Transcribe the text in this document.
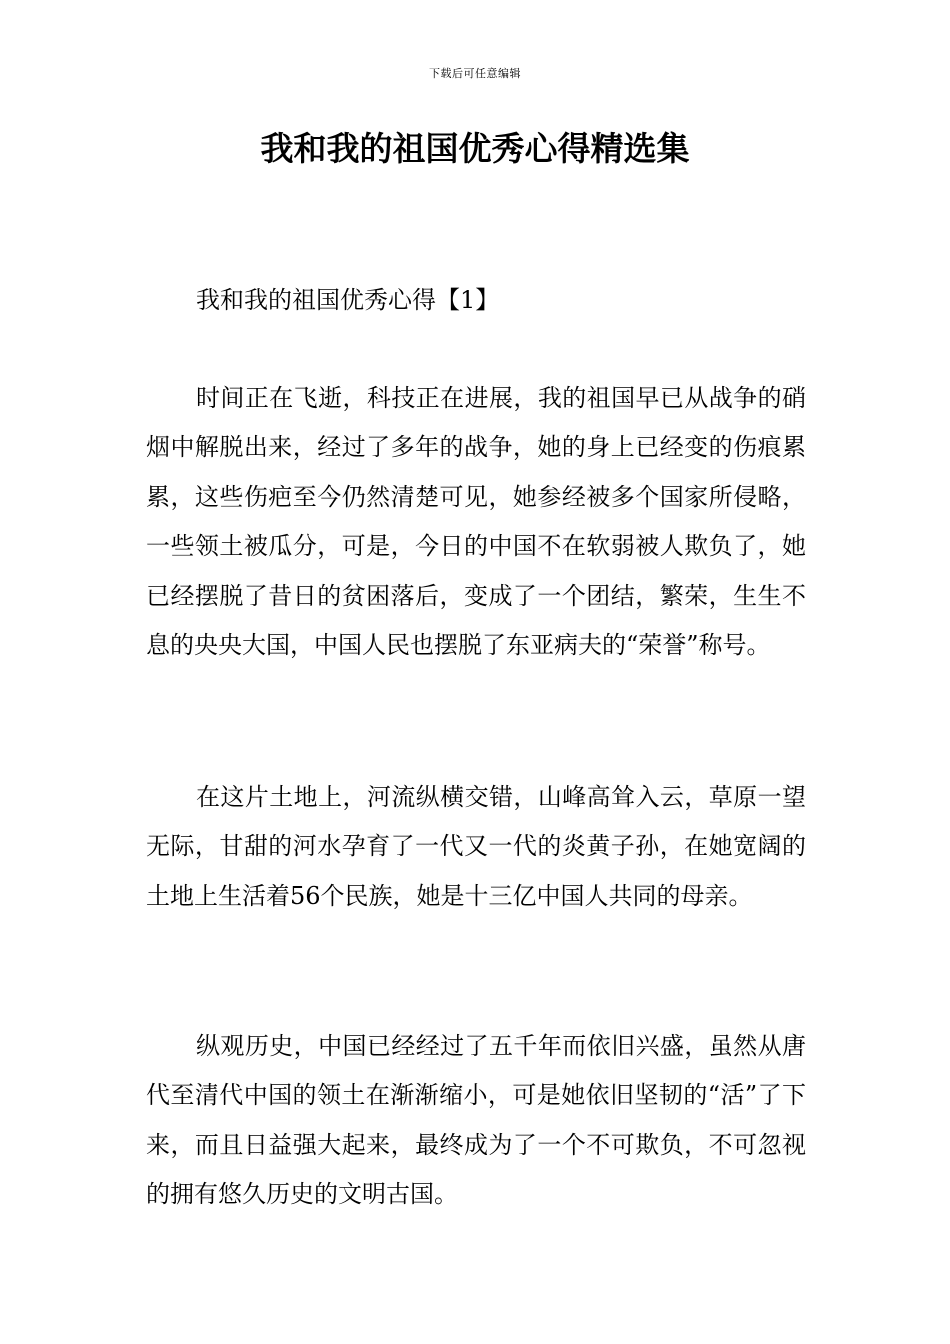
下载后可任意编辑
我和我的祖国优秀心得精选集
我和我的祖国优秀心得【1】

时间正在飞逝，科技正在进展，我的祖国早已从战争的硝烟中解脱出来，经过了多年的战争，她的身上已经变的伤痕累累，这些伤疤至今仍然清楚可见，她参经被多个国家所侵略，一些领土被瓜分，可是，今日的中国不在软弱被人欺负了，她已经摆脱了昔日的贫困落后，变成了一个团结，繁荣，生生不息的央央大国，中国人民也摆脱了东亚病夫的“荣誉”称号。

在这片土地上，河流纵横交错，山峰高耸入云，草原一望无际，甘甜的河水孕育了一代又一代的炎黄子孙，在她宽阔的土地上生活着56个民族，她是十三亿中国人共同的母亲。

纵观历史，中国已经经过了五千年而依旧兴盛，虽然从唐代至清代中国的领土在渐渐缩小，可是她依旧坚韧的“活”了下来，而且日益强大起来，最终成为了一个不可欺负，不可忽视的拥有悠久历史的文明古国。
